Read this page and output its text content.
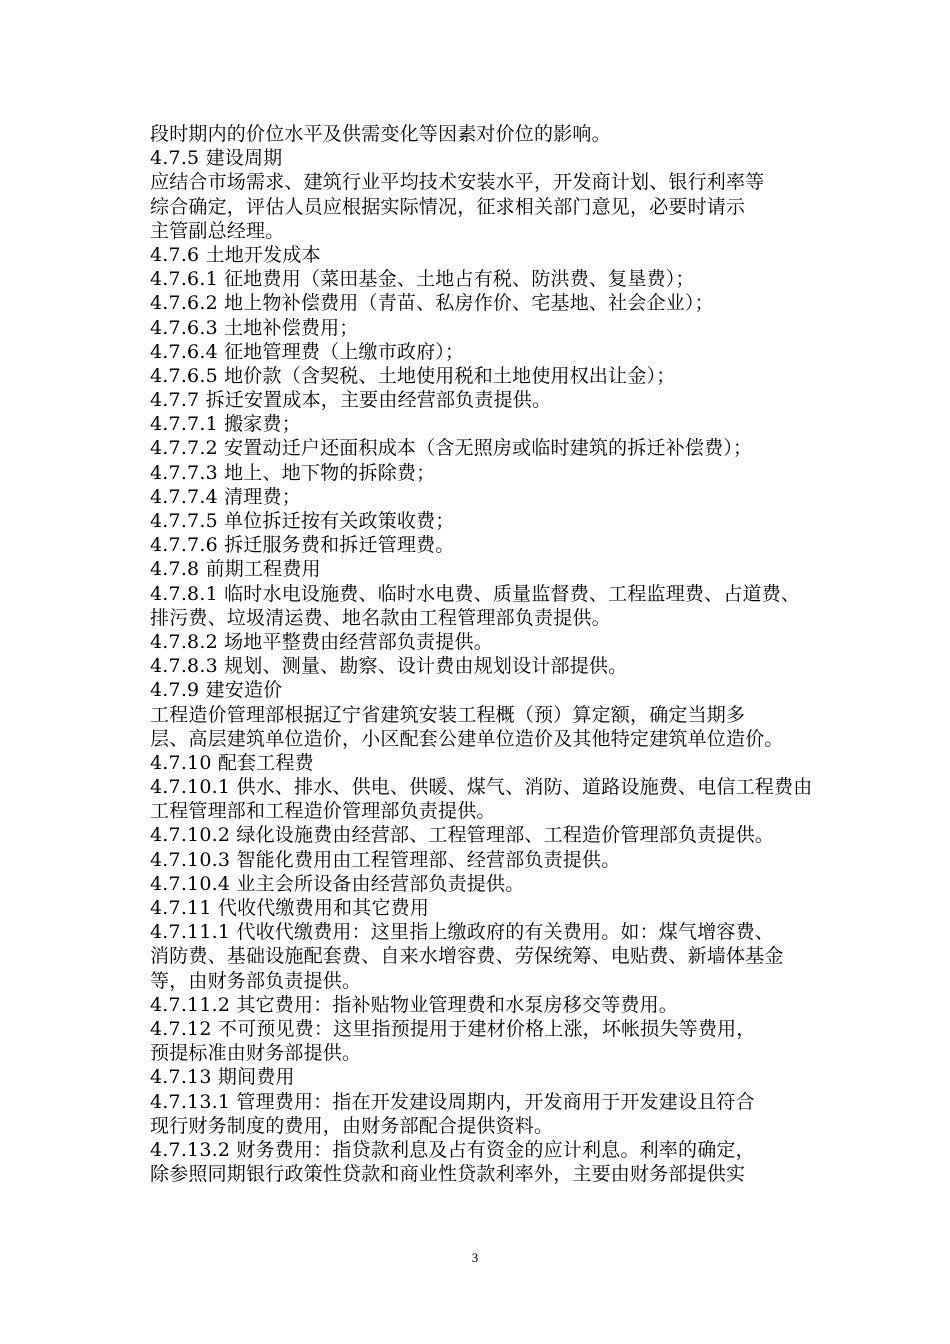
段时期内的价位水平及供需变化等因素对价位的影响。
4.7.5 建设周期
应结合市场需求、建筑行业平均技术安装水平，开发商计划、银行利率等
综合确定，评估人员应根据实际情况，征求相关部门意见，必要时请示
主管副总经理。
4.7.6 土地开发成本
4.7.6.1 征地费用（菜田基金、土地占有税、防洪费、复垦费）；
4.7.6.2 地上物补偿费用（青苗、私房作价、宅基地、社会企业）；
4.7.6.3 土地补偿费用；
4.7.6.4 征地管理费（上缴市政府）；
4.7.6.5 地价款（含契税、土地使用税和土地使用权出让金）；
4.7.7 拆迁安置成本，主要由经营部负责提供。
4.7.7.1 搬家费；
4.7.7.2 安置动迁户还面积成本（含无照房或临时建筑的拆迁补偿费）；
4.7.7.3 地上、地下物的拆除费；
4.7.7.4 清理费；
4.7.7.5 单位拆迁按有关政策收费；
4.7.7.6 拆迁服务费和拆迁管理费。
4.7.8 前期工程费用
4.7.8.1 临时水电设施费、临时水电费、质量监督费、工程监理费、占道费、
排污费、垃圾清运费、地名款由工程管理部负责提供。
4.7.8.2 场地平整费由经营部负责提供。
4.7.8.3 规划、测量、勘察、设计费由规划设计部提供。
4.7.9 建安造价
工程造价管理部根据辽宁省建筑安装工程概（预）算定额，确定当期多
层、高层建筑单位造价，小区配套公建单位造价及其他特定建筑单位造价。
4.7.10 配套工程费
4.7.10.1 供水、排水、供电、供暖、煤气、消防、道路设施费、电信工程费由
工程管理部和工程造价管理部负责提供。
4.7.10.2 绿化设施费由经营部、工程管理部、工程造价管理部负责提供。
4.7.10.3 智能化费用由工程管理部、经营部负责提供。
4.7.10.4 业主会所设备由经营部负责提供。
4.7.11 代收代缴费用和其它费用
4.7.11.1 代收代缴费用：这里指上缴政府的有关费用。如：煤气增容费、
消防费、基础设施配套费、自来水增容费、劳保统筹、电贴费、新墙体基金
等，由财务部负责提供。
4.7.11.2 其它费用：指补贴物业管理费和水泵房移交等费用。
4.7.12 不可预见费：这里指预提用于建材价格上涨，坏帐损失等费用，
预提标准由财务部提供。
4.7.13 期间费用
4.7.13.1 管理费用：指在开发建设周期内，开发商用于开发建设且符合
现行财务制度的费用，由财务部配合提供资料。
4.7.13.2 财务费用：指贷款利息及占有资金的应计利息。利率的确定，
除参照同期银行政策性贷款和商业性贷款利率外，主要由财务部提供实
3
